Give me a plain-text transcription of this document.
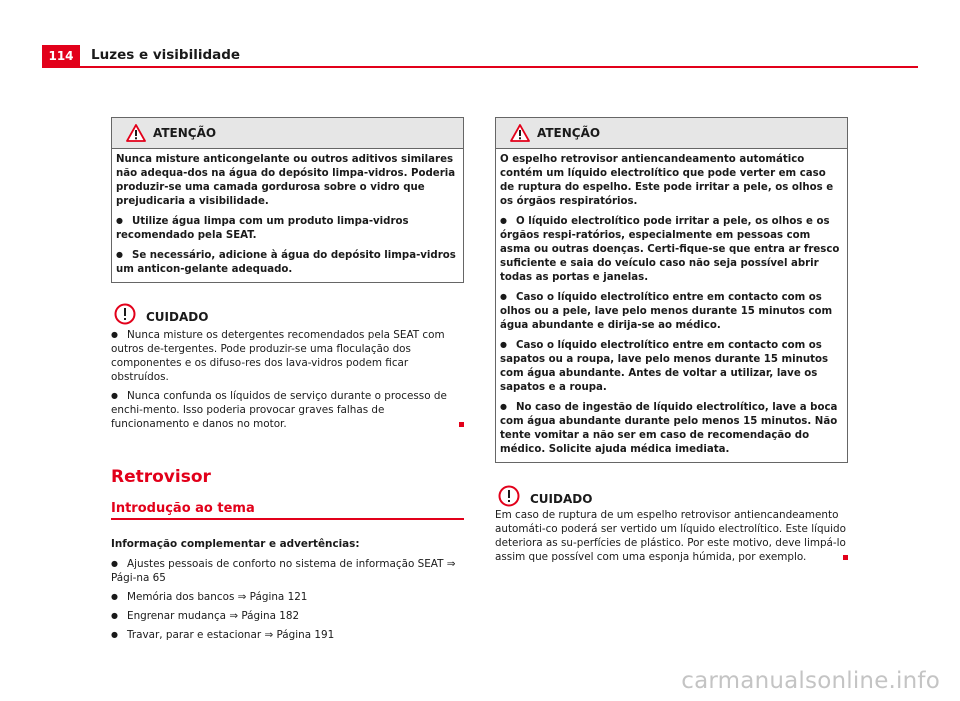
114	Luzes e visibilidade
ATENÇÃO

Nunca misture anticongelante ou outros aditivos similares não adequa-dos na água do depósito limpa-vidros. Poderia produzir-se uma camada gordurosa sobre o vidro que prejudicaria a visibilidade.

● Utilize água limpa com um produto limpa-vidros recomendado pela SEAT.

● Se necessário, adicione à água do depósito limpa-vidros um anticon-gelante adequado.

CUIDADO

● Nunca misture os detergentes recomendados pela SEAT com outros de-tergentes. Pode produzir-se uma floculação dos componentes e os difuso-res dos lava-vidros podem ficar obstruídos.

● Nunca confunda os líquidos de serviço durante o processo de enchi-mento. Isso poderia provocar graves falhas de funcionamento e danos no motor.

Retrovisor
Introdução ao tema
Informação complementar e advertências:

● Ajustes pessoais de conforto no sistema de informação SEAT ⇒ Pági-na 65

● Memória dos bancos ⇒ Página 121

● Engrenar mudança ⇒ Página 182

● Travar, parar e estacionar ⇒ Página 191

ATENÇÃO

O espelho retrovisor antiencandeamento automático contém um líquido electrolítico que pode verter em caso de ruptura do espelho. Este pode irritar a pele, os olhos e os órgãos respiratórios.

● O líquido electrolítico pode irritar a pele, os olhos e os órgãos respi-ratórios, especialmente em pessoas com asma ou outras doenças. Certi-fique-se que entra ar fresco suficiente e saia do veículo caso não seja possível abrir todas as portas e janelas.

● Caso o líquido electrolítico entre em contacto com os olhos ou a pele, lave pelo menos durante 15 minutos com água abundante e dirija-se ao médico.

● Caso o líquido electrolítico entre em contacto com os sapatos ou a roupa, lave pelo menos durante 15 minutos com água abundante. Antes de voltar a utilizar, lave os sapatos e a roupa.

● No caso de ingestão de líquido electrolítico, lave a boca com água abundante durante pelo menos 15 minutos. Não tente vomitar a não ser em caso de recomendação do médico. Solicite ajuda médica imediata.

CUIDADO

Em caso de ruptura de um espelho retrovisor antiencandeamento automáti-co poderá ser vertido um líquido electrolítico. Este líquido deteriora as su-perfícies de plástico. Por este motivo, deve limpá-lo assim que possível com uma esponja húmida, por exemplo.

carmanualsonline.info
